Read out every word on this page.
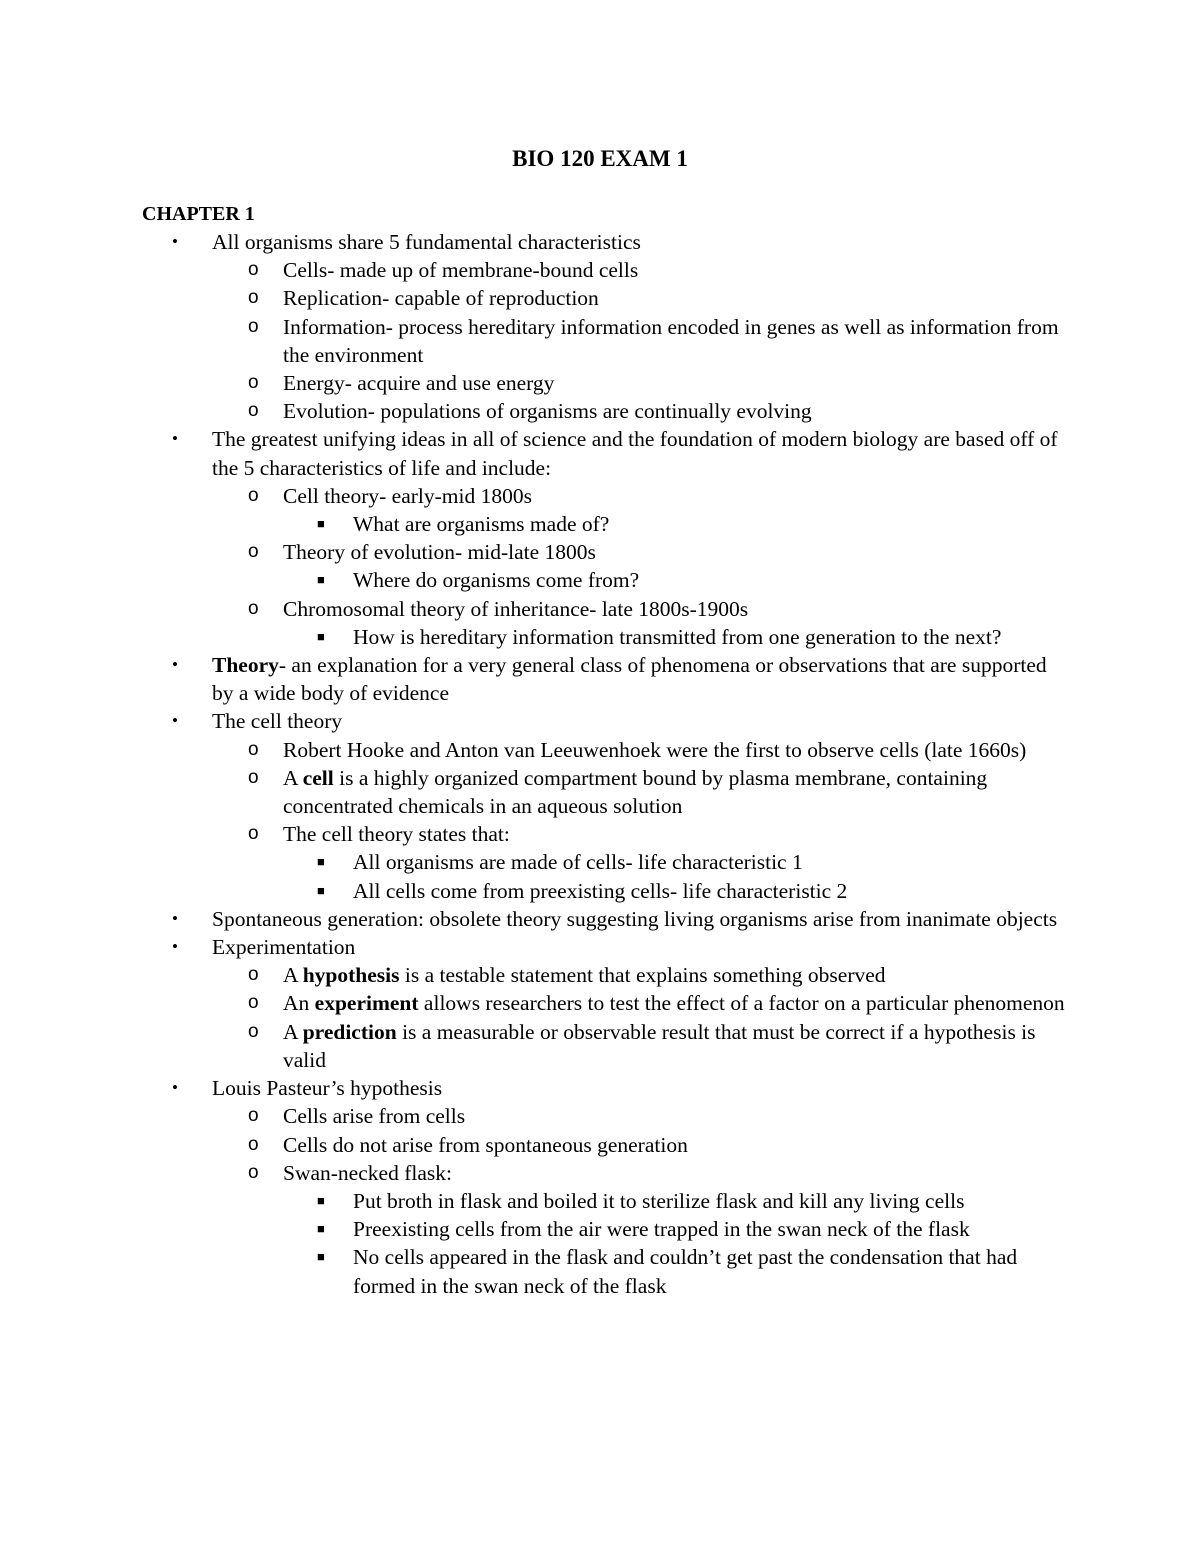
BIO 120 EXAM 1
CHAPTER 1
• All organisms share 5 fundamental characteristics
o Cells- made up of membrane-bound cells
o Replication- capable of reproduction
o Information- process hereditary information encoded in genes as well as information from the environment
o Energy- acquire and use energy
o Evolution- populations of organisms are continually evolving
• The greatest unifying ideas in all of science and the foundation of modern biology are based off of the 5 characteristics of life and include:
o Cell theory- early-mid 1800s
■ What are organisms made of?
o Theory of evolution- mid-late 1800s
■ Where do organisms come from?
o Chromosomal theory of inheritance- late 1800s-1900s
■ How is hereditary information transmitted from one generation to the next?
• Theory- an explanation for a very general class of phenomena or observations that are supported by a wide body of evidence
• The cell theory
o Robert Hooke and Anton van Leeuwenhoek were the first to observe cells (late 1660s)
o A cell is a highly organized compartment bound by plasma membrane, containing concentrated chemicals in an aqueous solution
o The cell theory states that:
■ All organisms are made of cells- life characteristic 1
■ All cells come from preexisting cells- life characteristic 2
• Spontaneous generation: obsolete theory suggesting living organisms arise from inanimate objects
• Experimentation
o A hypothesis is a testable statement that explains something observed
o An experiment allows researchers to test the effect of a factor on a particular phenomenon
o A prediction is a measurable or observable result that must be correct if a hypothesis is valid
• Louis Pasteur’s hypothesis
o Cells arise from cells
o Cells do not arise from spontaneous generation
o Swan-necked flask:
■ Put broth in flask and boiled it to sterilize flask and kill any living cells
■ Preexisting cells from the air were trapped in the swan neck of the flask
■ No cells appeared in the flask and couldn’t get past the condensation that had formed in the swan neck of the flask
